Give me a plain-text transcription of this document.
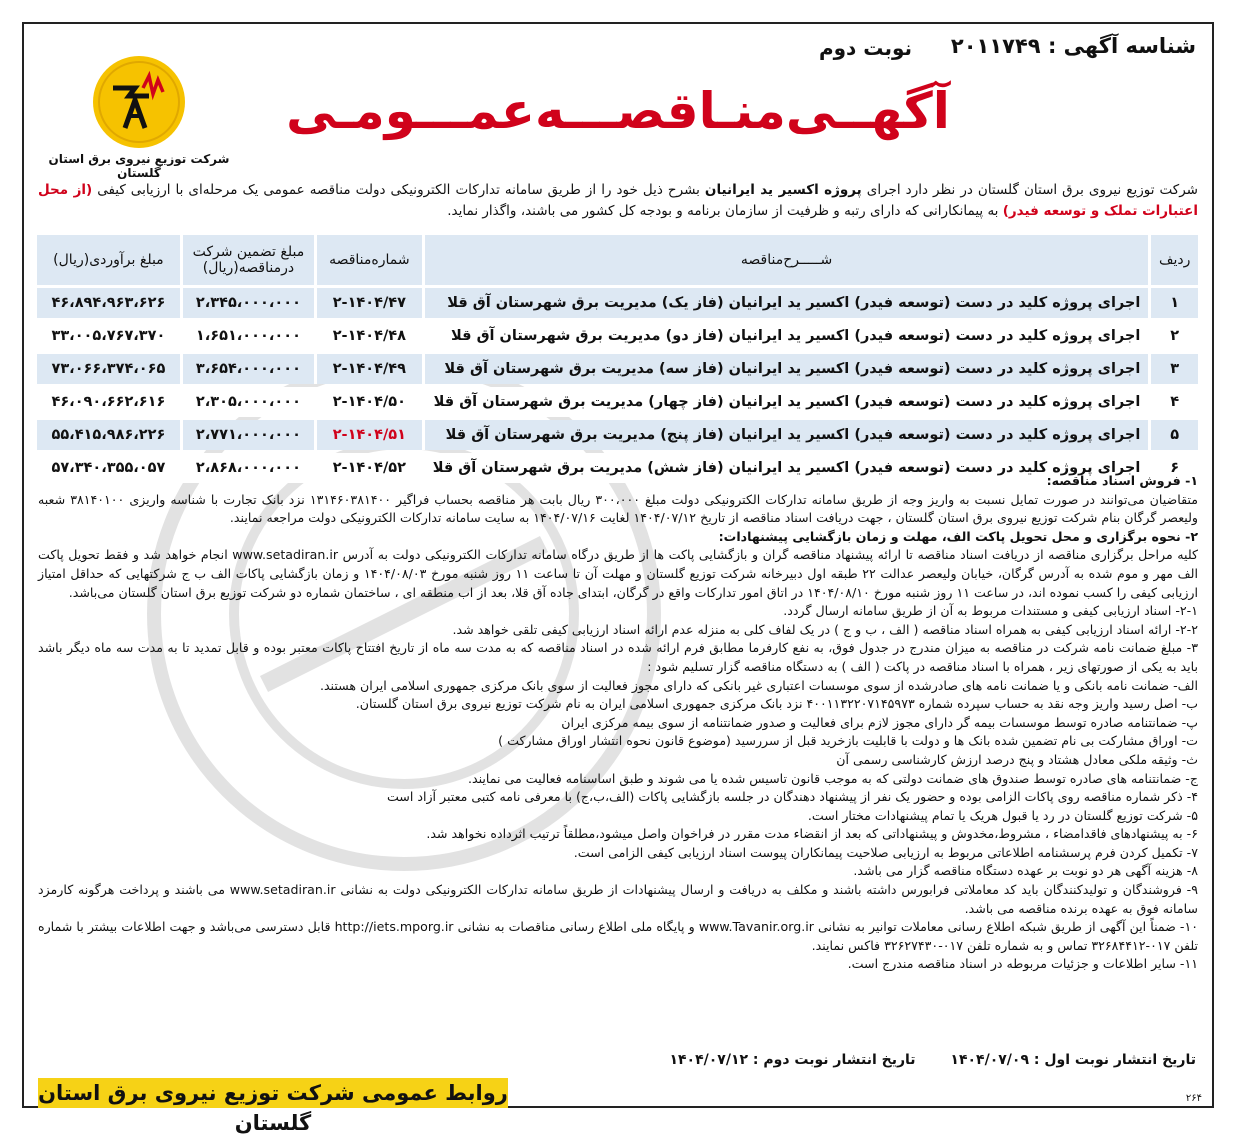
شناسه آگهی : ۲۰۱۱۷۴۹
نوبت دوم
آگهــی‌منـاقصـــه‌عمـــومـی
شرکت توزیع نیروی برق استان گلستان
شرکت توزیع نیروی برق استان گلستان در نظر دارد اجرای پروژه اکسیر ید ایرانیان بشرح ذیل خود را از طریق سامانه تدارکات الکترونیکی دولت مناقصه عمومی یک مرحله‌ای با ارزیابی کیفی (از محل اعتبارات تملک و توسعه فیدر) به پیمانکارانی که دارای رتبه و ظرفیت از سازمان برنامه و بودجه کل کشور می باشند، واگذار نماید.
ردیف	شـــــرح‌مناقصه	شماره‌مناقصه	مبلغ تضمین شرکت درمناقصه(ریال)	مبلغ برآوردی(ریال)
۱	اجرای پروژه کلید در دست (توسعه فیدر) اکسیر ید ایرانیان (فاز یک) مدیریت برق شهرستان آق قلا	۲-۱۴۰۴/۴۷	۲،۳۴۵،۰۰۰،۰۰۰	۴۶،۸۹۴،۹۶۳،۶۲۶
۲	اجرای پروژه کلید در دست (توسعه فیدر) اکسیر ید ایرانیان (فاز دو) مدیریت برق شهرستان آق قلا	۲-۱۴۰۴/۴۸	۱،۶۵۱،۰۰۰،۰۰۰	۳۳،۰۰۵،۷۶۷،۳۷۰
۳	اجرای پروژه کلید در دست (توسعه فیدر) اکسیر ید ایرانیان (فاز سه) مدیریت برق شهرستان آق قلا	۲-۱۴۰۴/۴۹	۳،۶۵۴،۰۰۰،۰۰۰	۷۳،۰۶۶،۳۷۴،۰۶۵
۴	اجرای پروژه کلید در دست (توسعه فیدر) اکسیر ید ایرانیان (فاز چهار) مدیریت برق شهرستان آق قلا	۲-۱۴۰۴/۵۰	۲،۳۰۵،۰۰۰،۰۰۰	۴۶،۰۹۰،۶۶۲،۶۱۶
۵	اجرای پروژه کلید در دست (توسعه فیدر) اکسیر ید ایرانیان (فاز پنج) مدیریت برق شهرستان آق قلا	۲-۱۴۰۴/۵۱	۲،۷۷۱،۰۰۰،۰۰۰	۵۵،۴۱۵،۹۸۶،۲۲۶
۶	اجرای پروژه کلید در دست (توسعه فیدر) اکسیر ید ایرانیان (فاز شش) مدیریت برق شهرستان آق قلا	۲-۱۴۰۴/۵۲	۲،۸۶۸،۰۰۰،۰۰۰	۵۷،۳۴۰،۳۵۵،۰۵۷

۱- فروش اسناد مناقصه:

متقاضیان می‌توانند در صورت تمایل نسبت به واریز وجه از طریق سامانه تدارکات الکترونیکی دولت مبلغ ۳۰۰،۰۰۰ ریال بابت هر مناقصه بحساب فراگیر ۱۳۱۴۶۰۳۸۱۴۰۰ نزد بانک تجارت با شناسه واریزی ۳۸۱۴۰۱۰۰ شعبه ولیعصر گرگان بنام شرکت توزیع نیروی برق استان گلستان ، جهت دریافت اسناد مناقصه از تاریخ ۱۴۰۴/۰۷/۱۲ لغایت ۱۴۰۴/۰۷/۱۶ به سایت سامانه تدارکات الکترونیکی دولت مراجعه نمایند.

۲- نحوه برگزاری و محل تحویل پاکت الف، مهلت و زمان بازگشایی پیشنهادات:

کلیه مراحل برگزاری مناقصه از دریافت اسناد مناقصه تا ارائه پیشنهاد مناقصه گران و بازگشایی پاکت ها از طریق درگاه سامانه تدارکات الکترونیکی دولت به آدرس www.setadiran.ir انجام خواهد شد و فقط تحویل پاکت الف مهر و موم شده به آدرس گرگان، خیابان ولیعصر عدالت ۲۲ طبقه اول دبیرخانه شرکت توزیع گلستان و مهلت آن تا ساعت ۱۱ روز شنبه مورخ ۱۴۰۴/۰۸/۰۳ و زمان بازگشایی پاکات الف ب ج شرکتهایی که حداقل امتیاز ارزیابی کیفی را کسب نموده اند، در ساعت ۱۱ روز شنبه مورخ ۱۴۰۴/۰۸/۱۰ در اتاق امور تدارکات واقع در گرگان، ابتدای جاده آق قلا، بعد از اب منطقه ای ، ساختمان شماره دو شرکت توزیع برق استان گلستان می‌باشد.

۲-۱- اسناد ارزیابی کیفی و مستندات مربوط به آن از طریق سامانه ارسال گردد.

۲-۲- ارائه اسناد ارزیابی کیفی به همراه اسناد مناقصه ( الف ، ب و ج ) در یک لفاف کلی به منزله عدم ارائه اسناد ارزیابی کیفی تلقی خواهد شد.

۳- مبلغ ضمانت نامه شرکت در مناقصه به میزان مندرج در جدول فوق، به نفع کارفرما مطابق فرم ارائه شده در اسناد مناقصه که به مدت سه ماه از تاریخ افتتاح پاکات معتبر بوده و قابل تمدید تا به مدت سه ماه دیگر باشد باید به یکی از صورتهای زیر ، همراه با اسناد مناقصه در پاکت ( الف ) به دستگاه مناقصه گزار تسلیم شود :

الف- ضمانت نامه بانکی و یا ضمانت نامه های صادرشده از سوی موسسات اعتباری غیر بانکی که دارای مجوز فعالیت از سوی بانک مرکزی جمهوری اسلامی ایران هستند.

ب- اصل رسید واریز وجه نقد به حساب سپرده شماره ۴۰۰۱۱۳۲۲۰۷۱۴۵۹۷۳ نزد بانک مرکزی جمهوری اسلامی ایران به نام شرکت توزیع نیروی برق استان گلستان.

پ- ضمانتنامه صادره توسط موسسات بیمه گر دارای مجوز لازم برای فعالیت و صدور ضمانتنامه از سوی بیمه مرکزی ایران

ت- اوراق مشارکت بی نام تضمین شده بانک ها و دولت با قابلیت بازخرید قبل از سررسید (موضوع قانون نحوه انتشار اوراق مشارکت )

ث- وثیقه ملکی معادل هشتاد و پنج درصد ارزش کارشناسی رسمی آن

ج- ضمانتنامه های صادره توسط صندوق های ضمانت دولتی که به موجب قانون تاسیس شده یا می شوند و طبق اساسنامه فعالیت می نمایند.

۴- ذکر شماره مناقصه روی پاکات الزامی بوده و حضور یک نفر از پیشنهاد دهندگان در جلسه بازگشایی پاکات (الف،ب،ج) با معرفی نامه کتبی معتبر آزاد است

۵- شرکت توزیع گلستان در رد یا قبول هریک یا تمام پیشنهادات مختار است.

۶- به پیشنهادهای فاقدامضاء ، مشروط،مخدوش و پیشنهاداتی که بعد از انقضاء مدت مقرر در فراخوان واصل میشود،مطلقاً ترتیب اثرداده نخواهد شد.

۷- تکمیل کردن فرم پرسشنامه اطلاعاتی مربوط به ارزیابی صلاحیت پیمانکاران پیوست اسناد ارزیابی کیفی الزامی است.

۸- هزینه آگهی هر دو نوبت بر عهده دستگاه مناقصه گزار می باشد.

۹- فروشندگان و تولیدکنندگان باید کد معاملاتی فرابورس داشته باشند و مکلف به دریافت و ارسال پیشنهادات از طریق سامانه تدارکات الکترونیکی دولت به نشانی www.setadiran.ir می باشند و پرداخت هرگونه کارمزد سامانه فوق به عهده برنده مناقصه می باشد.

۱۰- ضمناً این آگهی از طریق شبکه اطلاع رسانی معاملات توانیر به نشانی www.Tavanir.org.ir و پایگاه ملی اطلاع رسانی مناقصات به نشانی http://iets.mporg.ir قابل دسترسی می‌باشد و جهت اطلاعات بیشتر با شماره تلفن ۰۱۷-۳۲۶۸۴۴۱۲ تماس و به شماره تلفن ۰۱۷-۳۲۶۲۷۴۳۰ فاکس نمایند.

۱۱- سایر اطلاعات و جزئیات مربوطه در اسناد مناقصه مندرج است.

تاریخ انتشار نوبت اول : ۱۴۰۴/۰۷/۰۹ تاریخ انتشار نوبت دوم : ۱۴۰۴/۰۷/۱۲
روابط عمومی شرکت توزیع نیروی برق استان گلستان
۲۶۴
